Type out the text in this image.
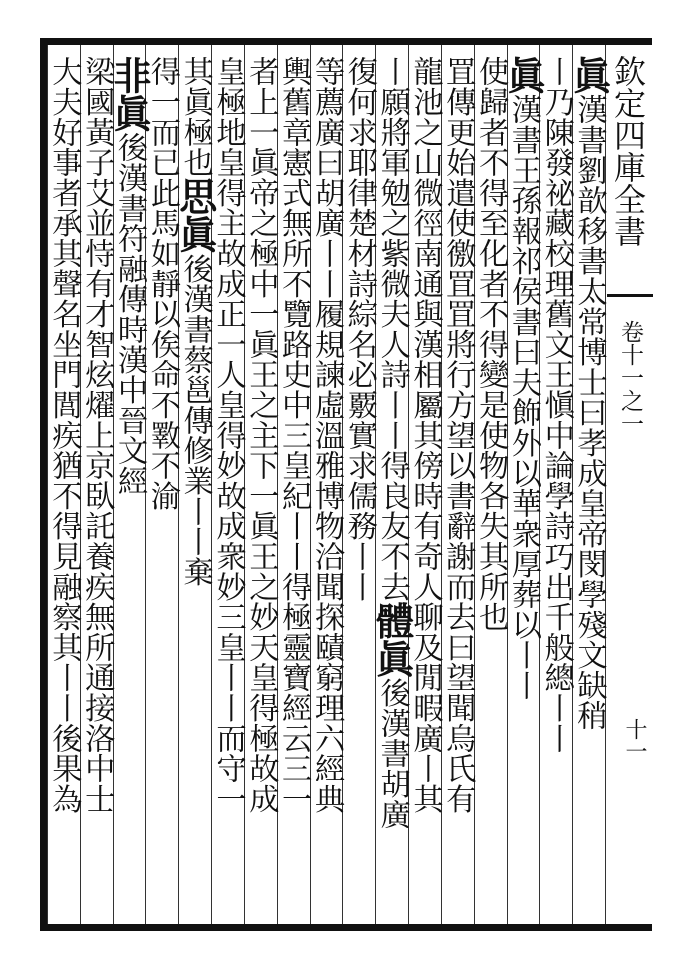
欽定四庫全書
卷十一之一
十一
眞漢書劉歆移書太常博士曰孝成皇帝閔學殘文缺稍
丨乃陳發祕藏校理舊文王愼中論學詩巧出千般總丨丨
眞漢書王孫報祁侯書曰夫飾外以華衆厚葬以丨丨
使歸者不得至化者不得變是使物各失其所也
罝傳更始遣使徼罝罝將行方望以書辭謝而去曰望聞烏氏有
龍池之山微徑南通與漢相屬其傍時有奇人聊及閒暇廣丨其
丨願將軍勉之紫微夫人詩丨丨得良友不去體眞後漢書胡廣
復何求耶律楚材詩綜名必覈實求儒務丨丨
等薦廣曰胡廣丨丨履規諫虛溫雅博物洽聞探賾窮理六經典
輿舊章憲式無所不覽路史中三皇紀丨丨得極靈寶經云三一
者上一眞帝之極中一眞王之主下一眞王之妙天皇得極故成
皇極地皇得主故成正一人皇得妙故成衆妙三皇丨丨而守一
其眞極也思眞後漢書蔡邕傳修業丨丨棄
得一而已此馬如靜以俟命不斁不渝
非眞後漢書符融傳時漢中晉文經
梁國黃子艾並恃有才智炫燿上京臥託養疾無所通接洛中士
大夫好事者承其聲名坐門閭疾猶不得見融察其丨丨後果為
